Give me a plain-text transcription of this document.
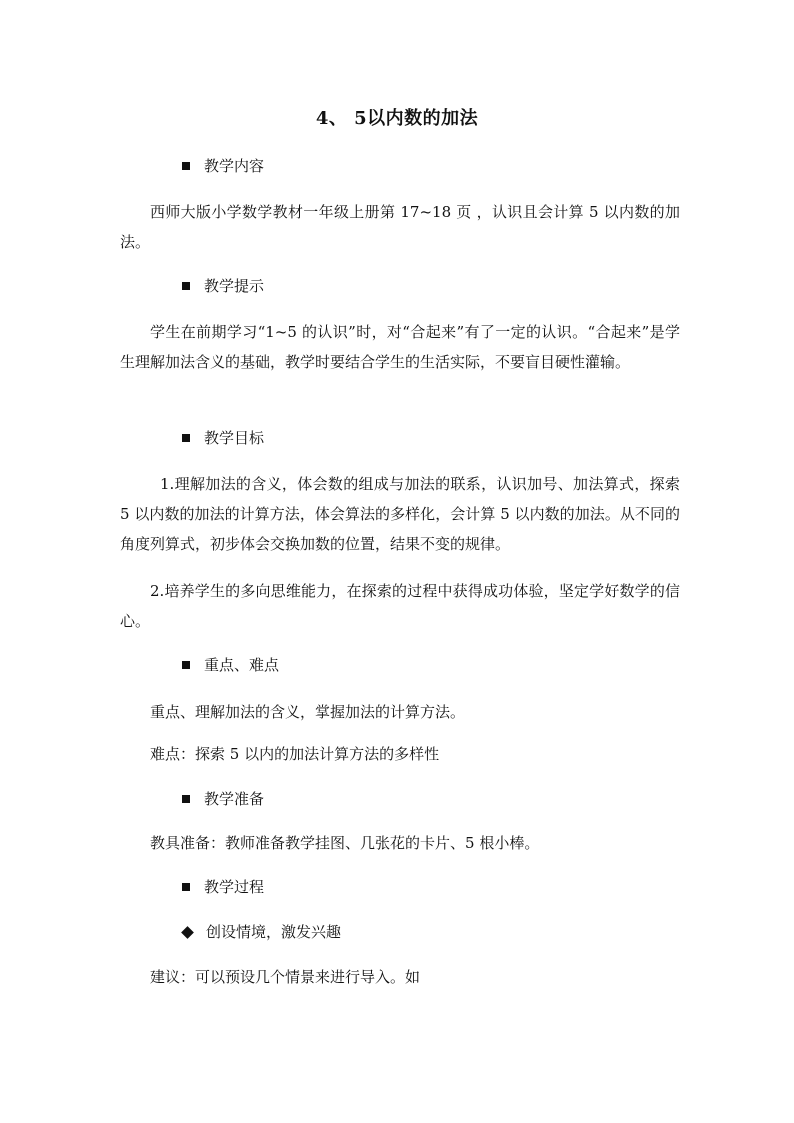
4、 5以内数的加法
教学内容

西师大版小学数学教材一年级上册第 17~18 页 ，认识且会计算 5 以内数的加法。

教学提示

学生在前期学习“1~5 的认识”时，对“合起来”有了一定的认识。“合起来”是学生理解加法含义的基础，教学时要结合学生的生活实际，不要盲目硬性灌输。

教学目标

1.理解加法的含义，体会数的组成与加法的联系，认识加号、加法算式，探索 5 以内数的加法的计算方法，体会算法的多样化，会计算 5 以内数的加法。从不同的角度列算式，初步体会交换加数的位置，结果不变的规律。

2.培养学生的多向思维能力，在探索的过程中获得成功体验，坚定学好数学的信心。

重点、难点
重点、理解加法的含义，掌握加法的计算方法。
难点：探索 5 以内的加法计算方法的多样性
教学准备
教具准备：教师准备教学挂图、几张花的卡片、5 根小棒。
教学过程
创设情境，激发兴趣
建议：可以预设几个情景来进行导入。如
